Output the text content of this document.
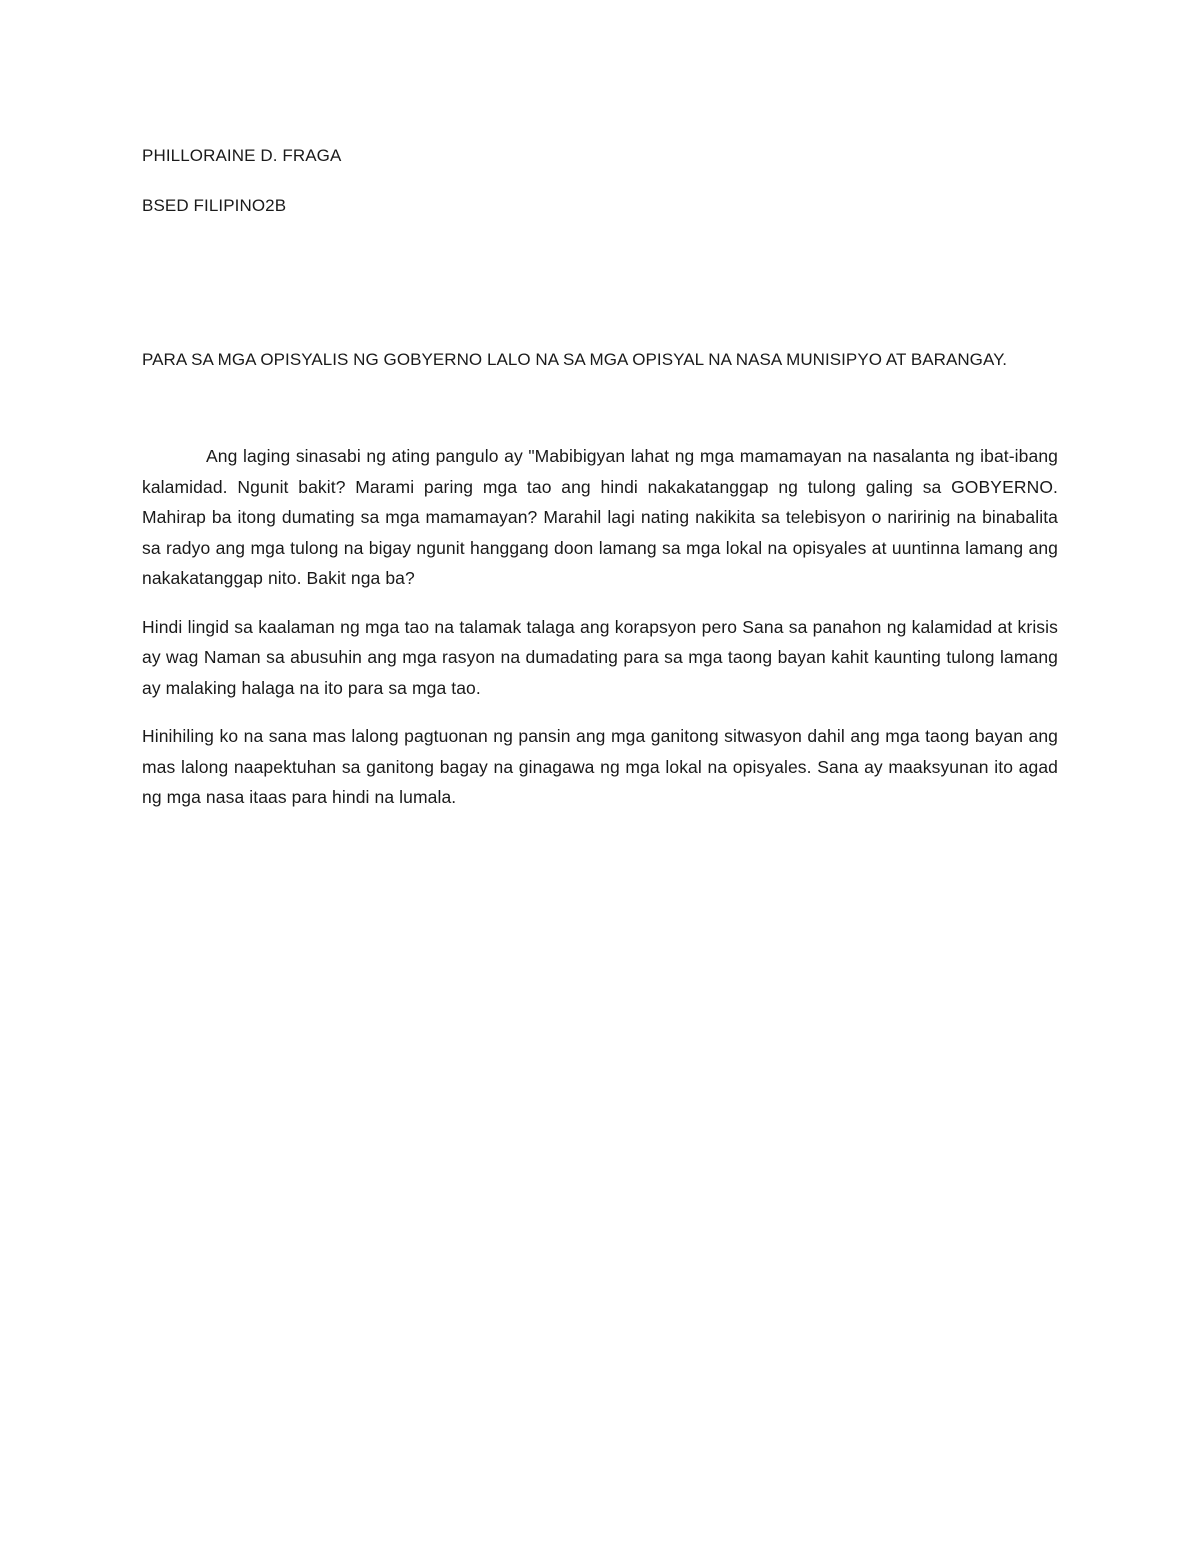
PHILLORAINE D. FRAGA
BSED FILIPINO2B
PARA SA MGA OPISYALIS NG GOBYERNO LALO NA SA MGA OPISYAL NA NASA MUNISIPYO AT BARANGAY.

Ang laging sinasabi ng ating pangulo ay "Mabibigyan lahat ng mga mamamayan na nasalanta ng ibat-ibang kalamidad. Ngunit bakit? Marami paring mga tao ang hindi nakakatanggap ng tulong galing sa GOBYERNO. Mahirap ba itong dumating sa mga mamamayan? Marahil lagi nating nakikita sa telebisyon o naririnig na binabalita sa radyo ang mga tulong na bigay ngunit hanggang doon lamang sa mga lokal na opisyales at uuntinna lamang ang nakakatanggap nito. Bakit nga ba?

Hindi lingid sa kaalaman ng mga tao na talamak talaga ang korapsyon pero Sana sa panahon ng kalamidad at krisis ay wag Naman sa abusuhin ang mga rasyon na dumadating para sa mga taong bayan kahit kaunting tulong lamang ay malaking halaga na ito para sa mga tao.

Hinihiling ko na sana mas lalong pagtuonan ng pansin ang mga ganitong sitwasyon dahil ang mga taong bayan ang mas lalong naapektuhan sa ganitong bagay na ginagawa ng mga lokal na opisyales. Sana ay maaksyunan ito agad ng mga nasa itaas para hindi na lumala.
